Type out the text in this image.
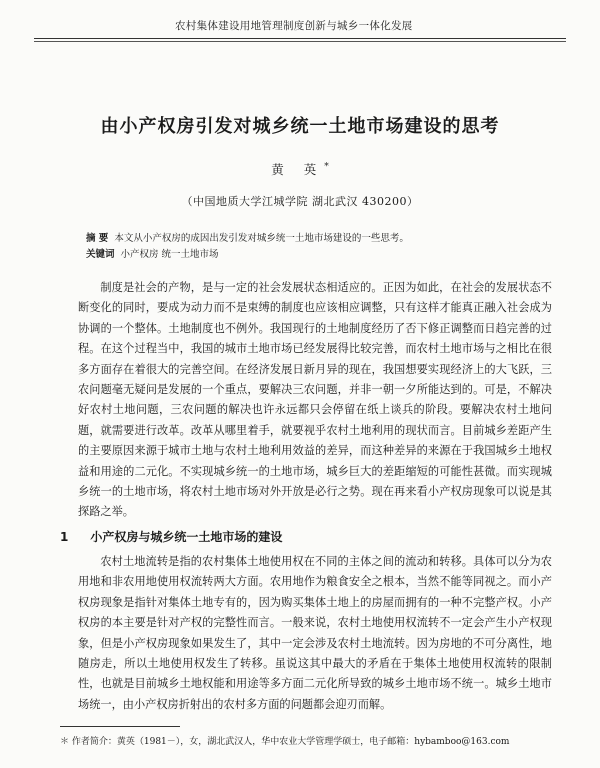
农村集体建设用地管理制度创新与城乡一体化发展
由小产权房引发对城乡统一土地市场建设的思考
黄 英*
（中国地质大学江城学院 湖北武汉 430200）
摘 要 本文从小产权房的成因出发引发对城乡统一土地市场建设的一些思考。
关键词 小产权房 统一土地市场
制度是社会的产物，是与一定的社会发展状态相适应的。正因为如此，在社会的发展状态不断变化的同时，要成为动力而不是束缚的制度也应该相应调整，只有这样才能真正融入社会成为协调的一个整体。土地制度也不例外。我国现行的土地制度经历了否下修正调整而日趋完善的过程。在这个过程当中，我国的城市土地市场已经发展得比较完善，而农村土地市场与之相比在很多方面存在着很大的完善空间。在经济发展日新月异的现在，我国想要实现经济上的大飞跃，三农问题毫无疑问是发展的一个重点，要解决三农问题，并非一朝一夕所能达到的。可是，不解决好农村土地问题，三农问题的解决也许永远都只会停留在纸上谈兵的阶段。要解决农村土地问题，就需要进行改革。改革从哪里着手，就要视乎农村土地利用的现状而言。目前城乡差距产生的主要原因来源于城市土地与农村土地利用效益的差异，而这种差异的来源在于我国城乡土地权益和用途的二元化。不实现城乡统一的土地市场，城乡巨大的差距缩短的可能性甚微。而实现城乡统一的土地市场，将农村土地市场对外开放是必行之势。现在再来看小产权房现象可以说是其探路之举。
1 小产权房与城乡统一土地市场的建设
农村土地流转是指的农村集体土地使用权在不同的主体之间的流动和转移。具体可以分为农用地和非农用地使用权流转两大方面。农用地作为粮食安全之根本，当然不能等同视之。而小产权房现象是指针对集体土地专有的，因为购买集体土地上的房屋而拥有的一种不完整产权。小产权房的本主要是针对产权的完整性而言。一般来说，农村土地使用权流转不一定会产生小产权现象，但是小产权房现象如果发生了，其中一定会涉及农村土地流转。因为房地的不可分离性，地随房走，所以土地使用权发生了转移。虽说这其中最大的矛盾在于集体土地使用权流转的限制性，也就是目前城乡土地权能和用途等多方面二元化所导致的城乡土地市场不统一。城乡土地市场统一，由小产权房折射出的农村多方面的问题都会迎刃而解。
＊ 作者简介：黄英（1981－），女，湖北武汉人，华中农业大学管理学硕士，电子邮箱：hybamboo@163.com
